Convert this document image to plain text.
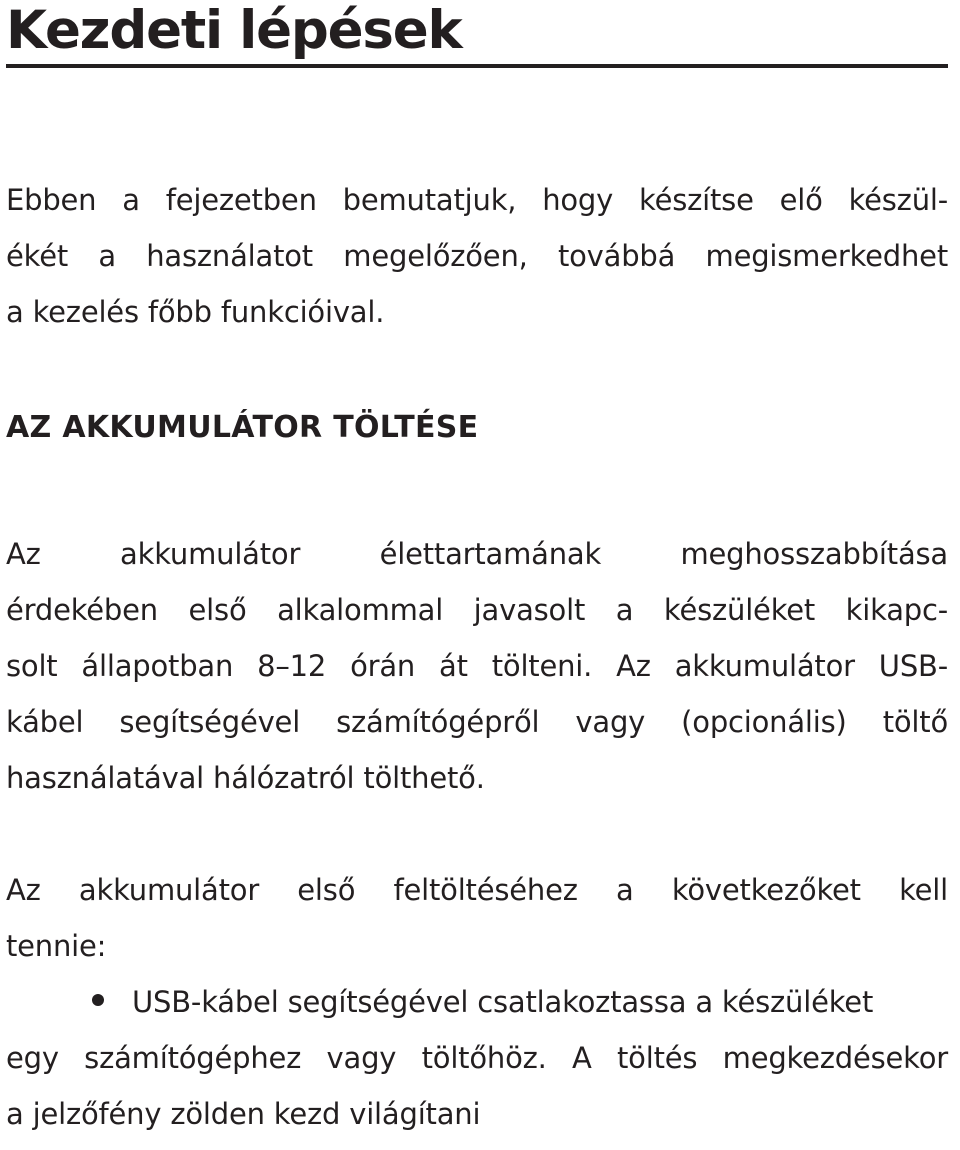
Kezdeti lépések

Ebben a fejezetben bemutatjuk, hogy készítse elő készül-
ékét a használatot megelőzően, továbbá megismerkedhet
a kezelés főbb funkcióival.

AZ AKKUMULÁTOR TÖLTÉSE

Az akkumulátor élettartamának meghosszabbítása
érdekében első alkalommal javasolt a készüléket kikapc-
solt állapotban 8–12 órán át tölteni. Az akkumulátor USB-
kábel segítségével számítógépről vagy (opcionális) töltő
használatával hálózatról tölthető.

Az akkumulátor első feltöltéséhez a következőket kell
tennie:

USB-kábel segítségével csatlakoztassa a készüléket
egy számítógéphez vagy töltőhöz. A töltés megkezdésekor
a jelzőfény zölden kezd világítani
